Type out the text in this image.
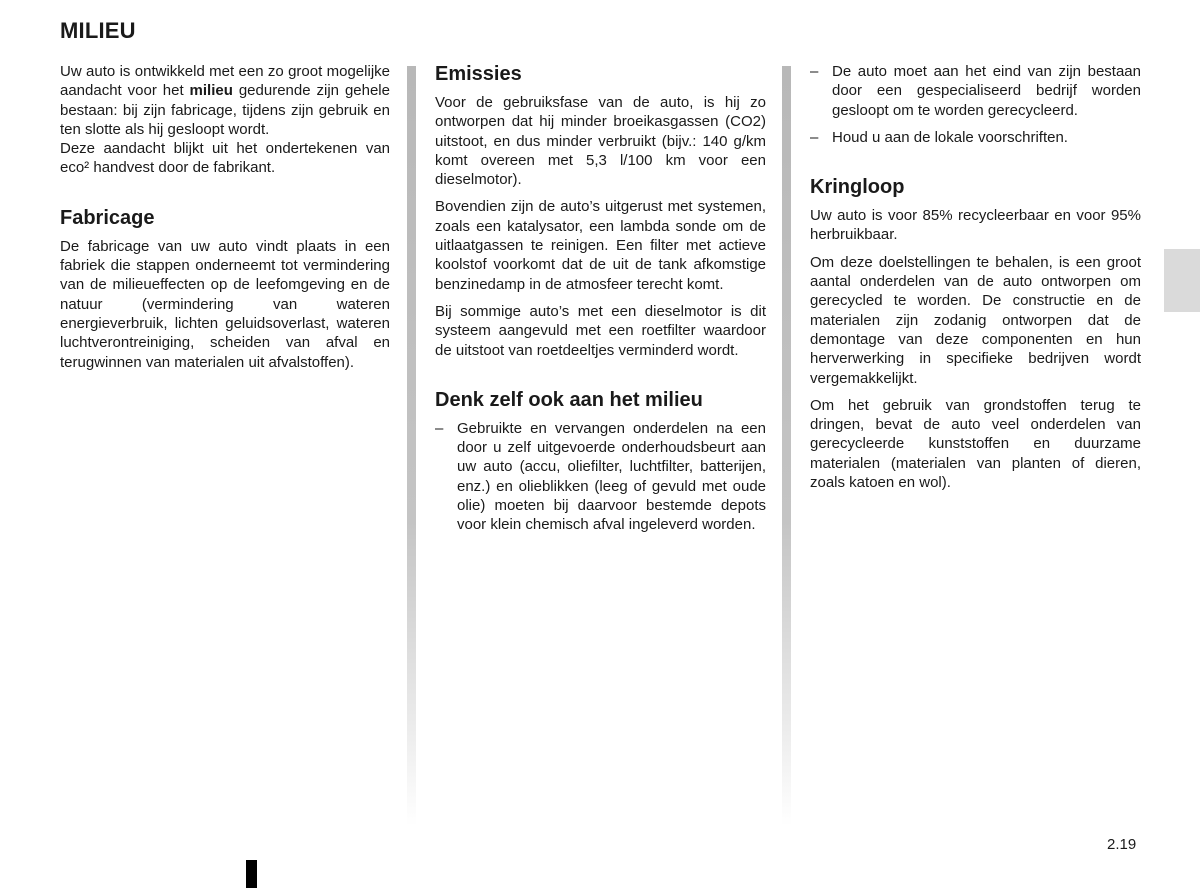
MILIEU

Uw auto is ontwikkeld met een zo groot mogelijke aandacht voor het milieu gedurende zijn gehele bestaan: bij zijn fabricage, tijdens zijn gebruik en ten slotte als hij gesloopt wordt.
Deze aandacht blijkt uit het ondertekenen van eco² handvest door de fabrikant.

Fabricage

De fabricage van uw auto vindt plaats in een fabriek die stappen onderneemt tot vermindering van de milieueffecten op de leefomgeving en de natuur (vermindering van wateren energieverbruik, lichten geluidsoverlast, wateren luchtverontreiniging, scheiden van afval en terugwinnen van materialen uit afvalstoffen).

Emissies

Voor de gebruiksfase van de auto, is hij zo ontworpen dat hij minder broeikasgassen (CO2) uitstoot, en dus minder verbruikt (bijv.: 140 g/km komt overeen met 5,3 l/100 km voor een dieselmotor).

Bovendien zijn de auto’s uitgerust met systemen, zoals een katalysator, een lambda sonde om de uitlaatgassen te reinigen. Een filter met actieve koolstof voorkomt dat de uit de tank afkomstige benzinedamp in de atmosfeer terecht komt.

Bij sommige auto’s met een dieselmotor is dit systeem aangevuld met een roetfilter waardoor de uitstoot van roetdeeltjes verminderd wordt.

Denk zelf ook aan het milieu
– Gebruikte en vervangen onderdelen na een door u zelf uitgevoerde onderhoudsbeurt aan uw auto (accu, oliefilter, luchtfilter, batterijen, enz.) en olieblikken (leeg of gevuld met oude olie) moeten bij daarvoor bestemde depots voor klein chemisch afval ingeleverd worden.
– De auto moet aan het eind van zijn bestaan door een gespecialiseerd bedrijf worden gesloopt om te worden gerecycleerd.
– Houd u aan de lokale voorschriften.
Kringloop

Uw auto is voor 85% recycleerbaar en voor 95% herbruikbaar.

Om deze doelstellingen te behalen, is een groot aantal onderdelen van de auto ontworpen om gerecycled te worden. De constructie en de materialen zijn zodanig ontworpen dat de demontage van deze componenten en hun herverwerking in specifieke bedrijven wordt vergemakkelijkt.

Om het gebruik van grondstoffen terug te dringen, bevat de auto veel onderdelen van gerecycleerde kunststoffen en duurzame materialen (materialen van planten of dieren, zoals katoen en wol).

2.19
